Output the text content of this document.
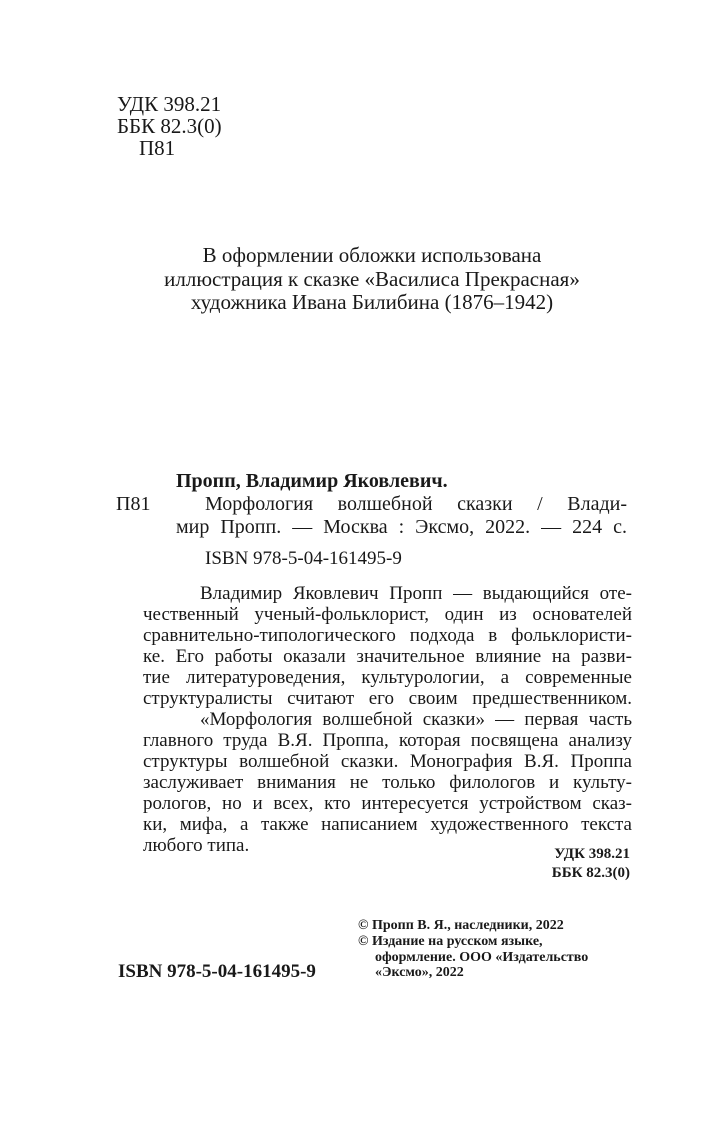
УДК 398.21
ББК 82.3(0)
П81
В оформлении обложки использована
иллюстрация к сказке «Василиса Прекрасная»
художника Ивана Билибина (1876–1942)
П81
Пропп, Владимир Яковлевич.
Морфология волшебной сказки / Влади-
мир Пропп. — Москва : Эксмо, 2022. — 224 с.
ISBN 978-5-04-161495-9
Владимир Яковлевич Пропп — выдающийся оте-
чественный ученый-фольклорист, один из основателей
сравнительно-типологического подхода в фольклористи-
ке. Его работы оказали значительное влияние на разви-
тие литературоведения, культурологии, а современные
структуралисты считают его своим предшественником.
«Морфология волшебной сказки» — первая часть
главного труда В.Я. Проппа, которая посвящена анализу
структуры волшебной сказки. Монография В.Я. Проппа
заслуживает внимания не только филологов и культу-
рологов, но и всех, кто интересуется устройством сказ-
ки, мифа, а также написанием художественного текста
любого типа.	УДК 398.21
ББК 82.3(0)
ISBN 978-5-04-161495-9
© Пропп В. Я., наследники, 2022
© Издание на русском языке,
оформление. ООО «Издательство
«Эксмо», 2022
